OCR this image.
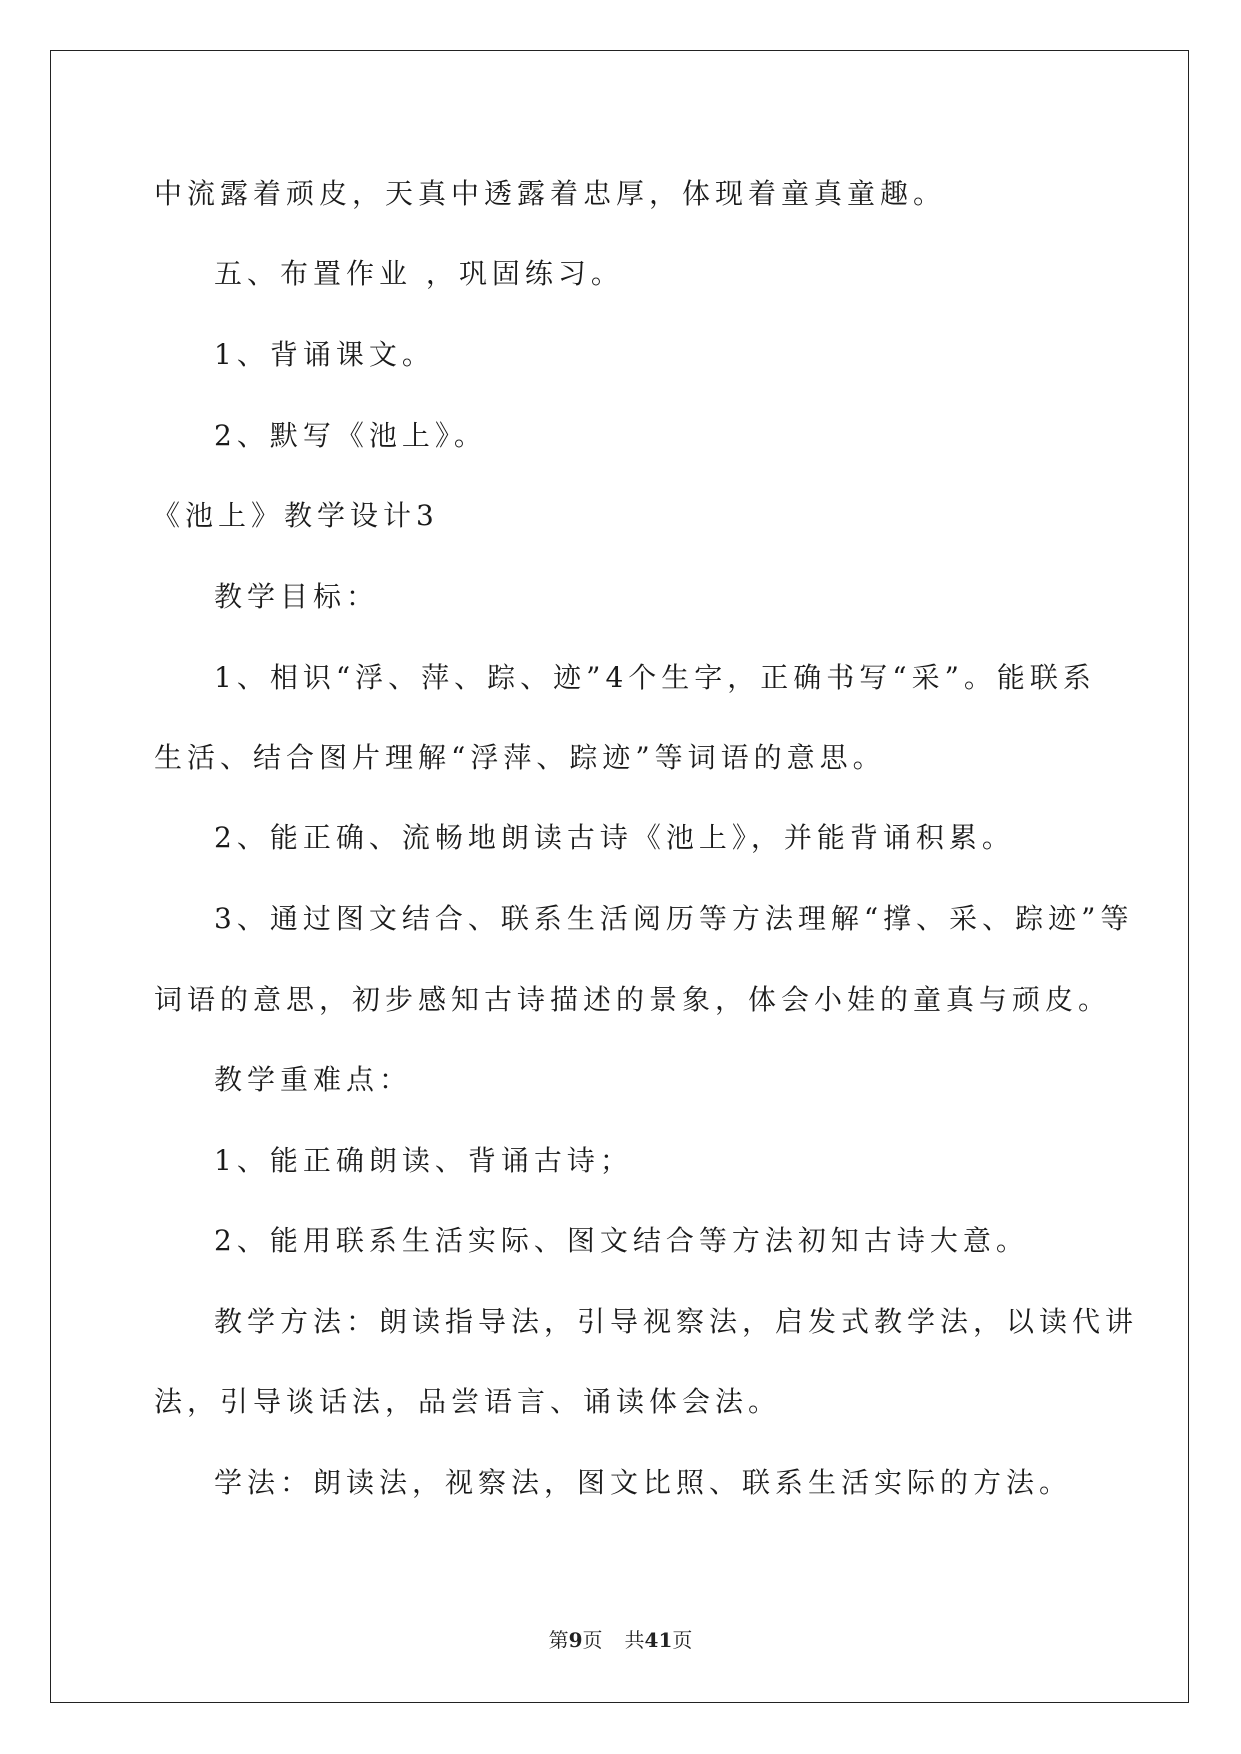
中流露着顽皮，天真中透露着忠厚，体现着童真童趣。
五、布置作业 ，巩固练习。
1、背诵课文。
2、默写《池上》。
《池上》教学设计3
教学目标：
1、相识“浮、萍、踪、迹”4个生字，正确书写“采”。能联系
生活、结合图片理解“浮萍、踪迹”等词语的意思。
2、能正确、流畅地朗读古诗《池上》，并能背诵积累。
3、通过图文结合、联系生活阅历等方法理解“撑、采、踪迹”等
词语的意思，初步感知古诗描述的景象，体会小娃的童真与顽皮。
教学重难点：
1、能正确朗读、背诵古诗；
2、能用联系生活实际、图文结合等方法初知古诗大意。
教学方法：朗读指导法，引导视察法，启发式教学法，以读代讲
法，引导谈话法，品尝语言、诵读体会法。
学法：朗读法，视察法，图文比照、联系生活实际的方法。
第9页 共41页
